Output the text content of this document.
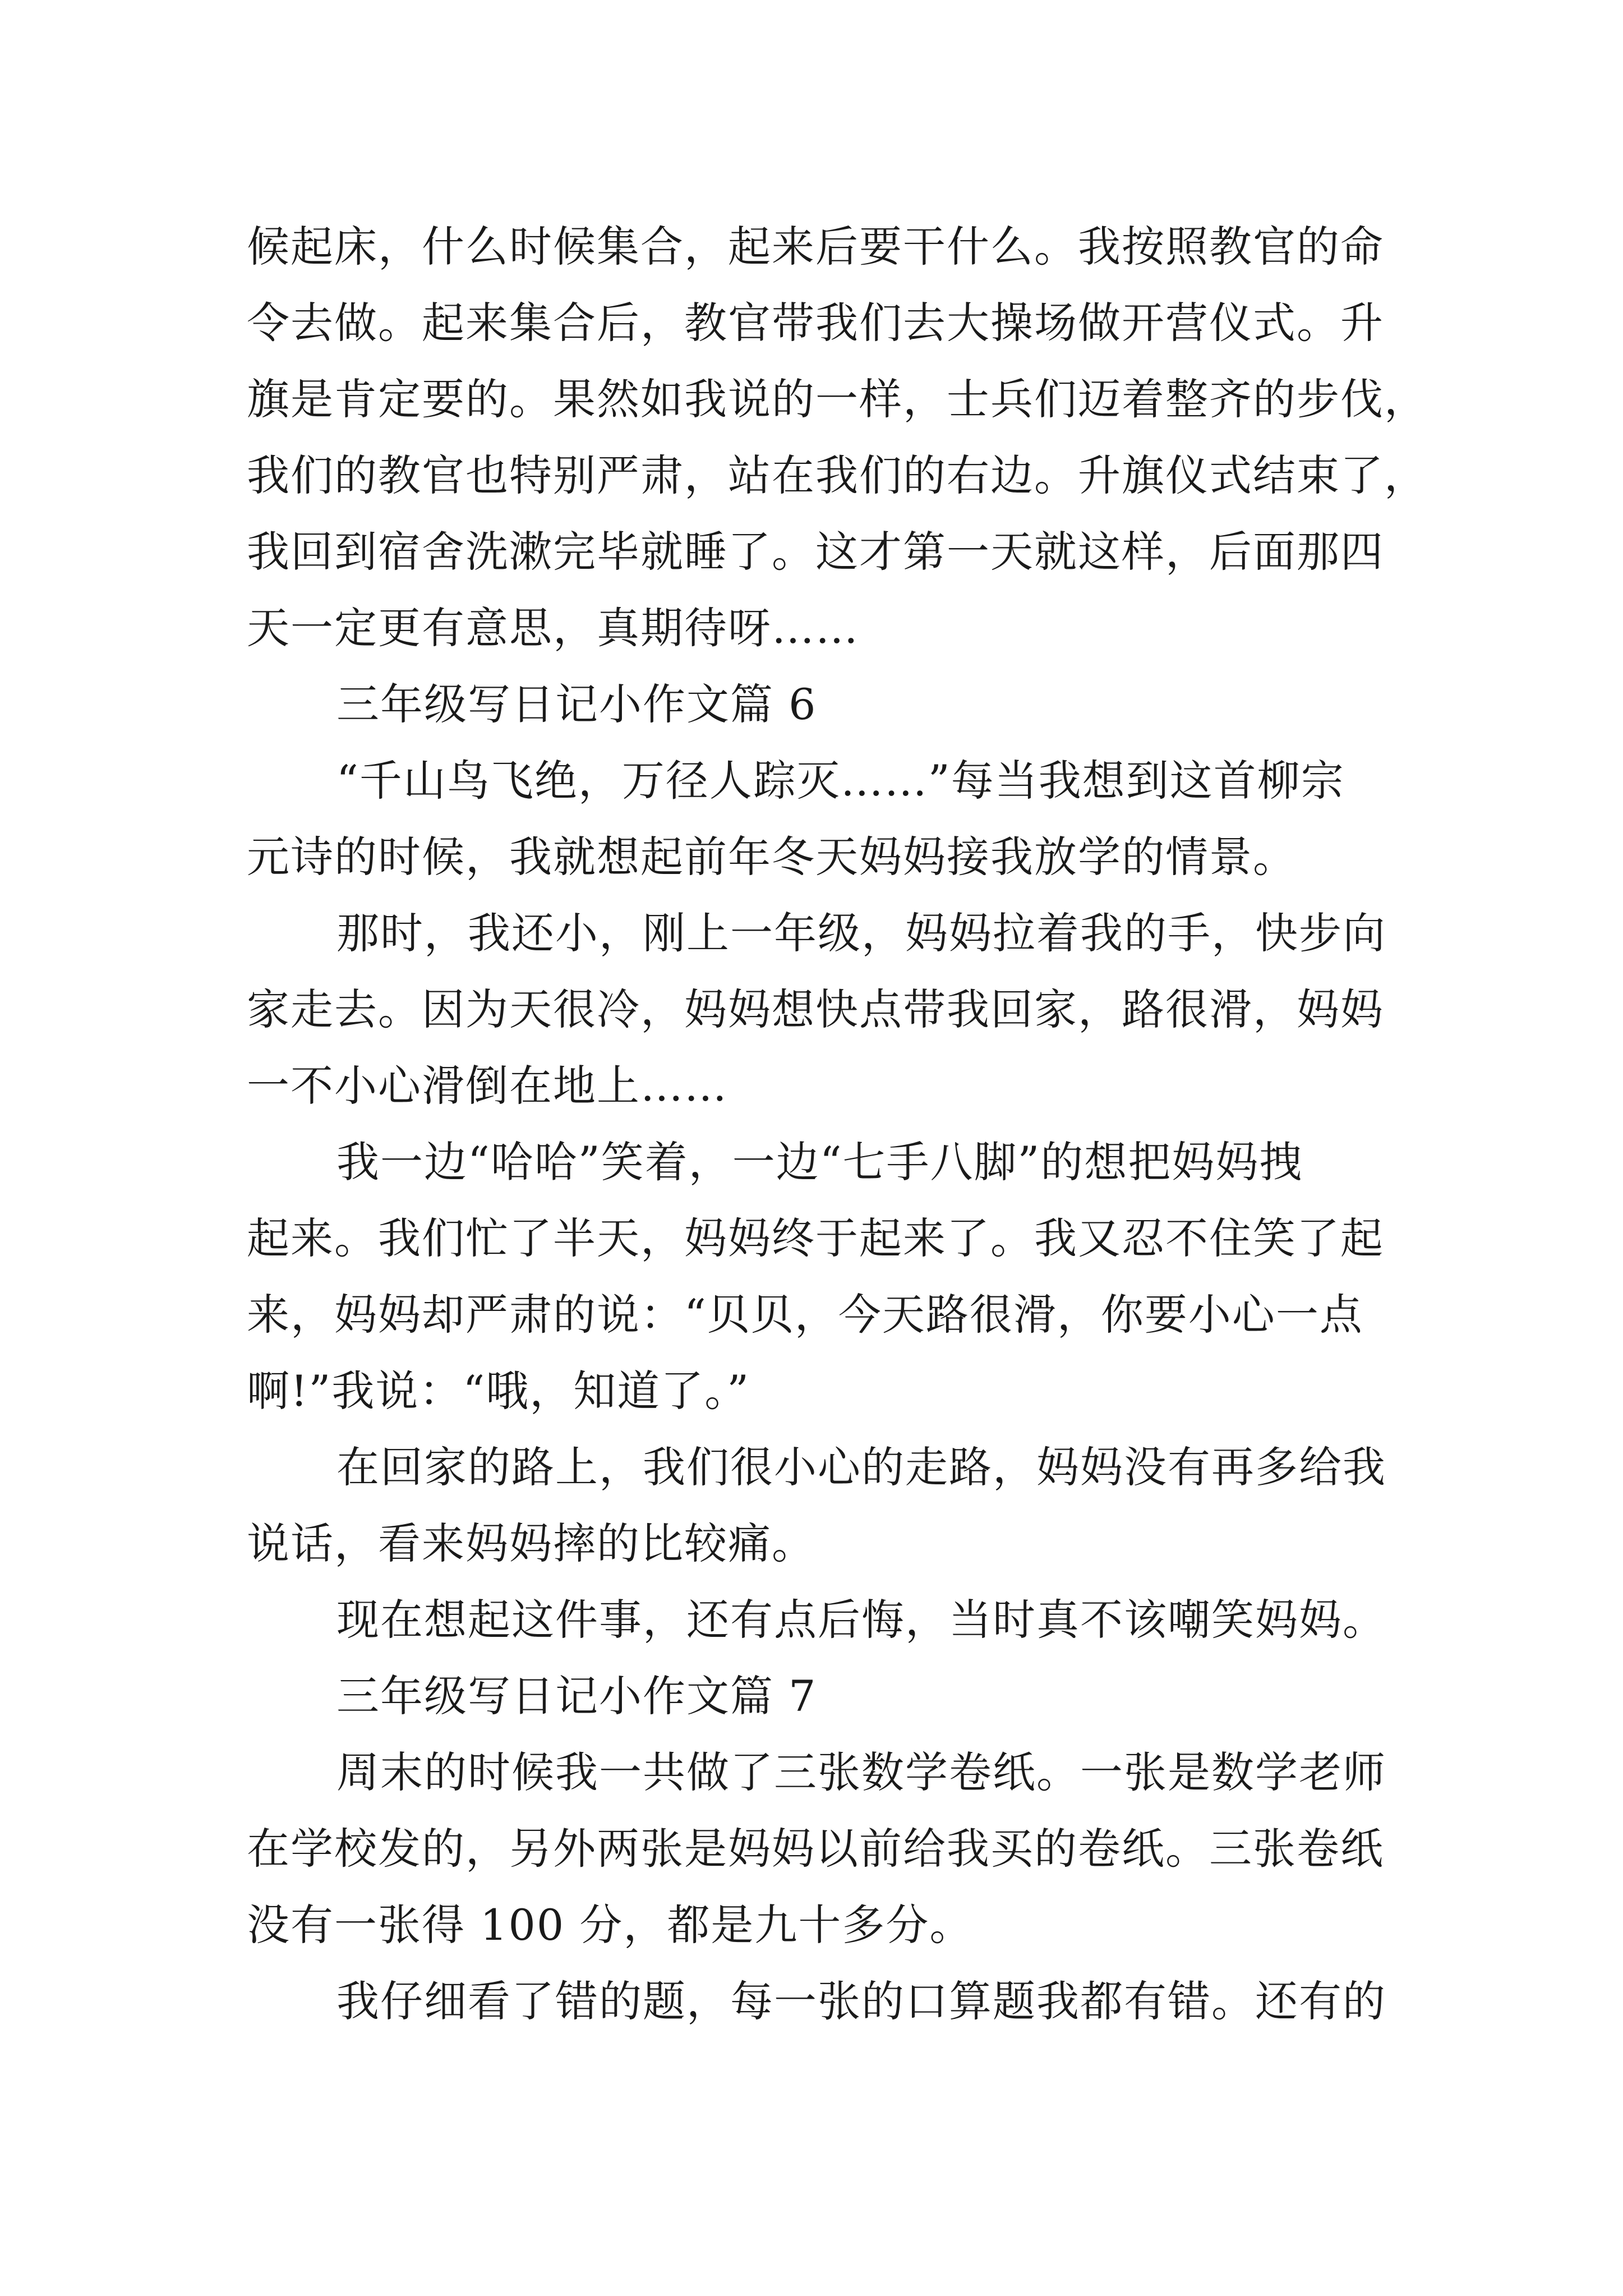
候起床，什么时候集合，起来后要干什么。我按照教官的命
令去做。起来集合后，教官带我们去大操场做开营仪式。升
旗是肯定要的。果然如我说的一样，士兵们迈着整齐的步伐，
我们的教官也特别严肃，站在我们的右边。升旗仪式结束了，
我回到宿舍洗漱完毕就睡了。这才第一天就这样，后面那四
天一定更有意思，真期待呀……
三年级写日记小作文篇 6
“千山鸟飞绝，万径人踪灭……”每当我想到这首柳宗
元诗的时候，我就想起前年冬天妈妈接我放学的情景。
那时，我还小，刚上一年级，妈妈拉着我的手，快步向
家走去。因为天很冷，妈妈想快点带我回家，路很滑，妈妈
一不小心滑倒在地上……
我一边“哈哈”笑着，一边“七手八脚”的想把妈妈拽
起来。我们忙了半天，妈妈终于起来了。我又忍不住笑了起
来，妈妈却严肃的说：“贝贝，今天路很滑，你要小心一点
啊!”我说：“哦，知道了。”
在回家的路上，我们很小心的走路，妈妈没有再多给我
说话，看来妈妈摔的比较痛。
现在想起这件事，还有点后悔，当时真不该嘲笑妈妈。
三年级写日记小作文篇 7
周末的时候我一共做了三张数学卷纸。一张是数学老师
在学校发的，另外两张是妈妈以前给我买的卷纸。三张卷纸
没有一张得 100 分，都是九十多分。
我仔细看了错的题，每一张的口算题我都有错。还有的
